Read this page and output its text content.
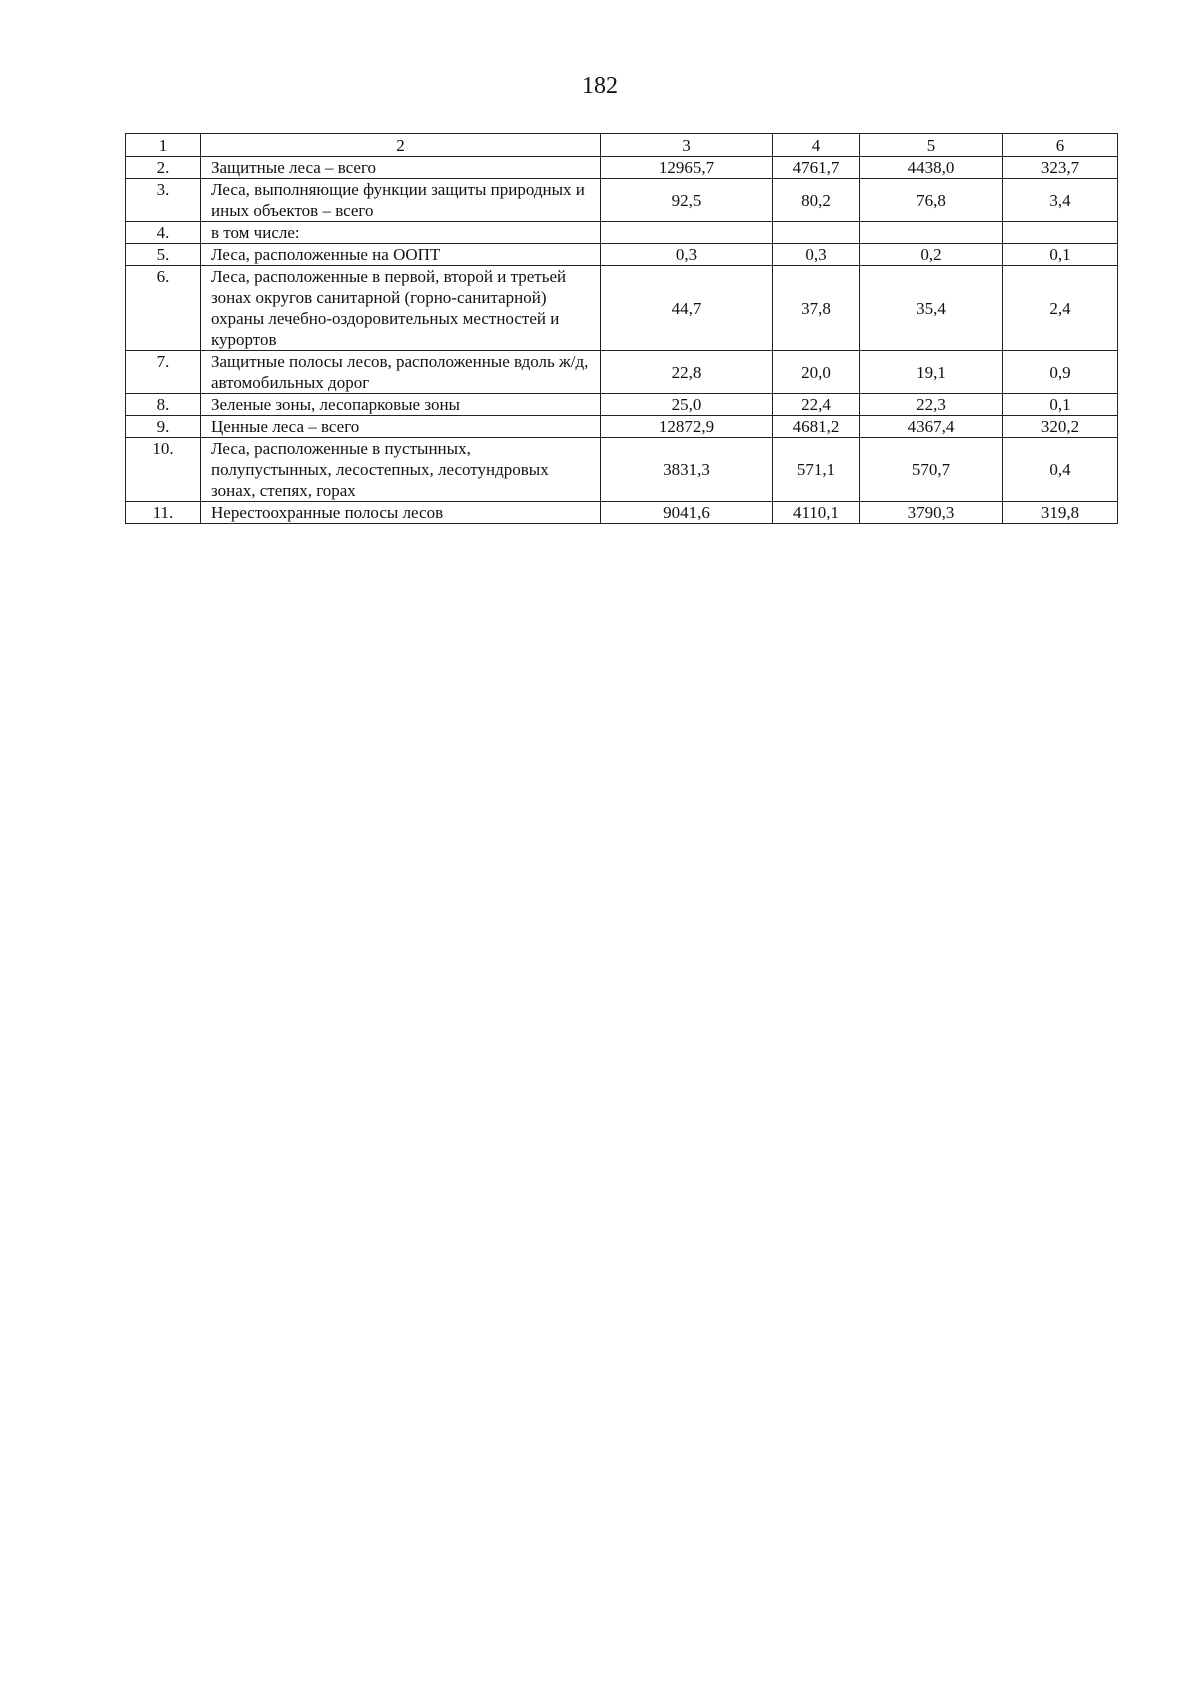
182
1	2	3	4	5	6
2.	Защитные леса – всего	12965,7	4761,7	4438,0	323,7
3.	Леса, выполняющие функции защиты природных и иных объектов – всего	92,5	80,2	76,8	3,4
4.	в том числе:				
5.	Леса, расположенные на ООПТ	0,3	0,3	0,2	0,1
6.	Леса, расположенные в первой, второй и третьей зонах округов санитарной (горно-санитарной) охраны лечебно-оздоровительных местностей и курортов	44,7	37,8	35,4	2,4
7.	Защитные полосы лесов, расположенные вдоль ж/д, автомобильных дорог	22,8	20,0	19,1	0,9
8.	Зеленые зоны, лесопарковые зоны	25,0	22,4	22,3	0,1
9.	Ценные леса – всего	12872,9	4681,2	4367,4	320,2
10.	Леса, расположенные в пустынных, полупустынных, лесостепных, лесотундровых зонах, степях, горах	3831,3	571,1	570,7	0,4
11.	Нерестоохранные полосы лесов	9041,6	4110,1	3790,3	319,8
